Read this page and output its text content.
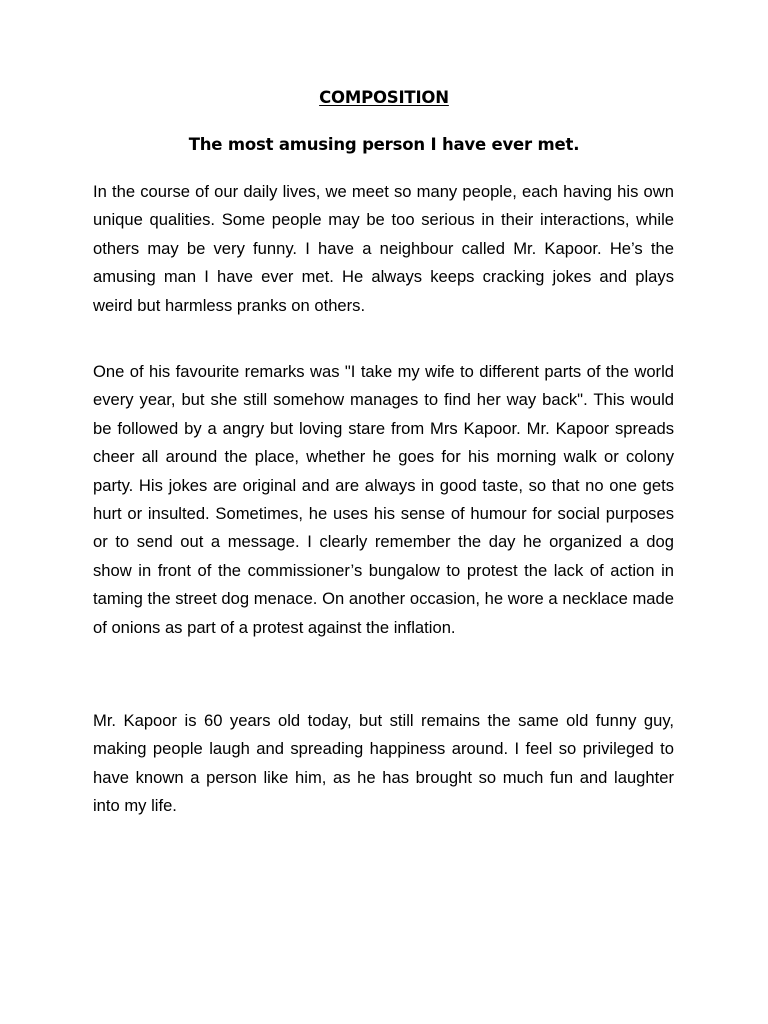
COMPOSITION
The most amusing person I have ever met.

In the course of our daily lives, we meet so many people, each having his own unique qualities. Some people may be too serious in their interactions, while others may be very funny. I have a neighbour called Mr. Kapoor. He’s the amusing man I have ever met. He always keeps cracking jokes and plays weird but harmless pranks on others.

One of his favourite remarks was "I take my wife to different parts of the world every year, but she still somehow manages to find her way back". This would be followed by a angry but loving stare from Mrs Kapoor. Mr. Kapoor spreads cheer all around the place, whether he goes for his morning walk or colony party. His jokes are original and are always in good taste, so that no one gets hurt or insulted. Sometimes, he uses his sense of humour for social purposes or to send out a message. I clearly remember the day he organized a dog show in front of the commissioner’s bungalow to protest the lack of action in taming the street dog menace. On another occasion, he wore a necklace made of onions as part of a protest against the inflation.

Mr. Kapoor is 60 years old today, but still remains the same old funny guy, making people laugh and spreading happiness around. I feel so privileged to have known a person like him, as he has brought so much fun and laughter into my life.
